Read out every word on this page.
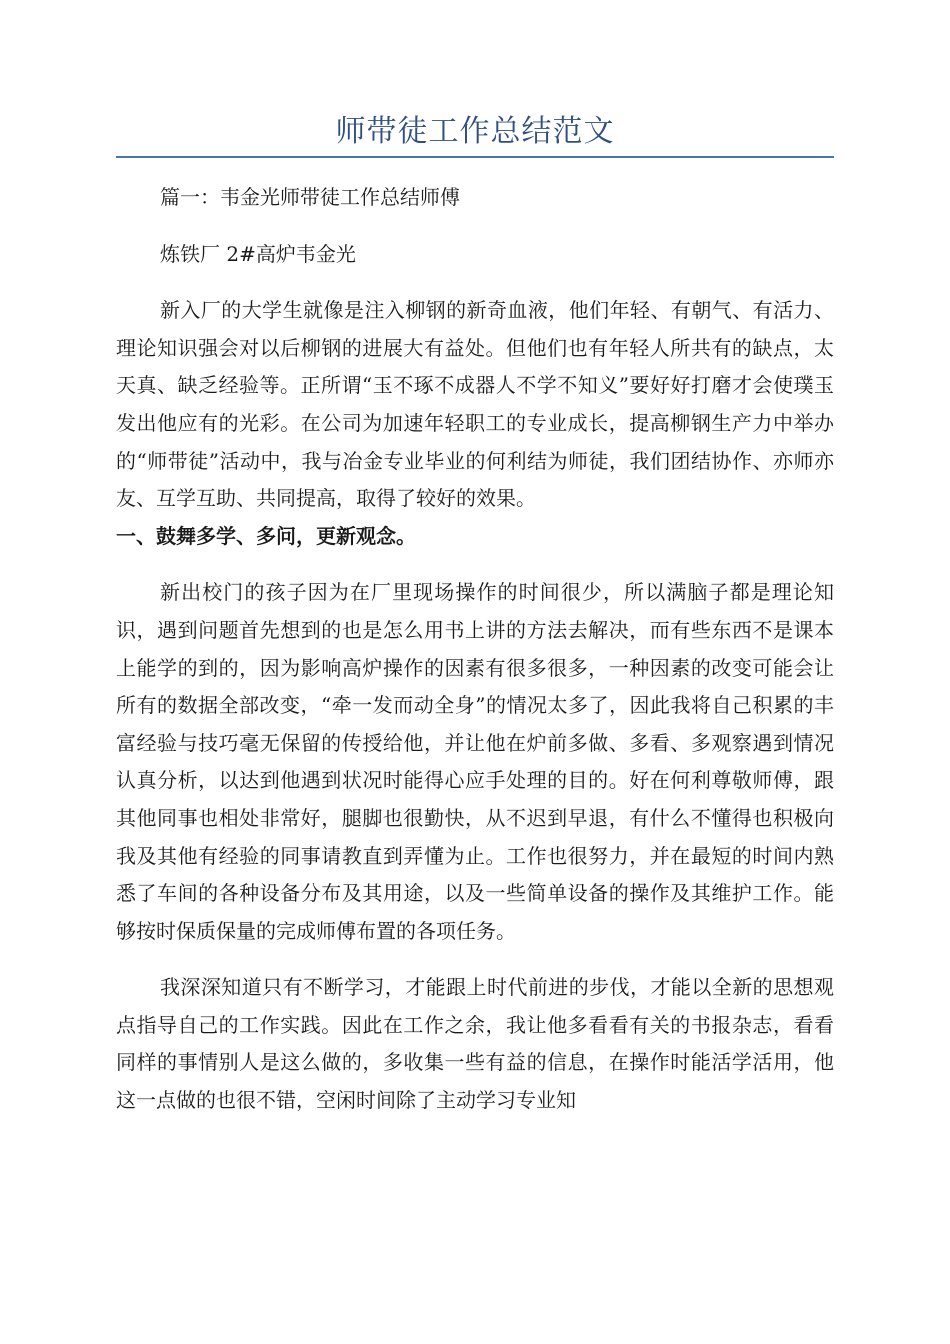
师带徒工作总结范文

篇一：韦金光师带徒工作总结师傅

炼铁厂 2#高炉韦金光

新入厂的大学生就像是注入柳钢的新奇血液，他们年轻、有朝气、有活力、理论知识强会对以后柳钢的进展大有益处。但他们也有年轻人所共有的缺点，太天真、缺乏经验等。正所谓“玉不琢不成器人不学不知义”要好好打磨才会使璞玉发出他应有的光彩。在公司为加速年轻职工的专业成长，提高柳钢生产力中举办的“师带徒”活动中，我与冶金专业毕业的何利结为师徒，我们团结协作、亦师亦友、互学互助、共同提高，取得了较好的效果。

一、鼓舞多学、多问，更新观念。

新出校门的孩子因为在厂里现场操作的时间很少，所以满脑子都是理论知识，遇到问题首先想到的也是怎么用书上讲的方法去解决，而有些东西不是课本上能学的到的，因为影响高炉操作的因素有很多很多，一种因素的改变可能会让所有的数据全部改变，“牵一发而动全身”的情况太多了，因此我将自己积累的丰富经验与技巧毫无保留的传授给他，并让他在炉前多做、多看、多观察遇到情况认真分析，以达到他遇到状况时能得心应手处理的目的。好在何利尊敬师傅，跟其他同事也相处非常好，腿脚也很勤快，从不迟到早退，有什么不懂得也积极向我及其他有经验的同事请教直到弄懂为止。工作也很努力，并在最短的时间内熟悉了车间的各种设备分布及其用途，以及一些简单设备的操作及其维护工作。能够按时保质保量的完成师傅布置的各项任务。

我深深知道只有不断学习，才能跟上时代前进的步伐，才能以全新的思想观点指导自己的工作实践。因此在工作之余，我让他多看看有关的书报杂志，看看同样的事情别人是这么做的，多收集一些有益的信息，在操作时能活学活用，他这一点做的也很不错，空闲时间除了主动学习专业知
